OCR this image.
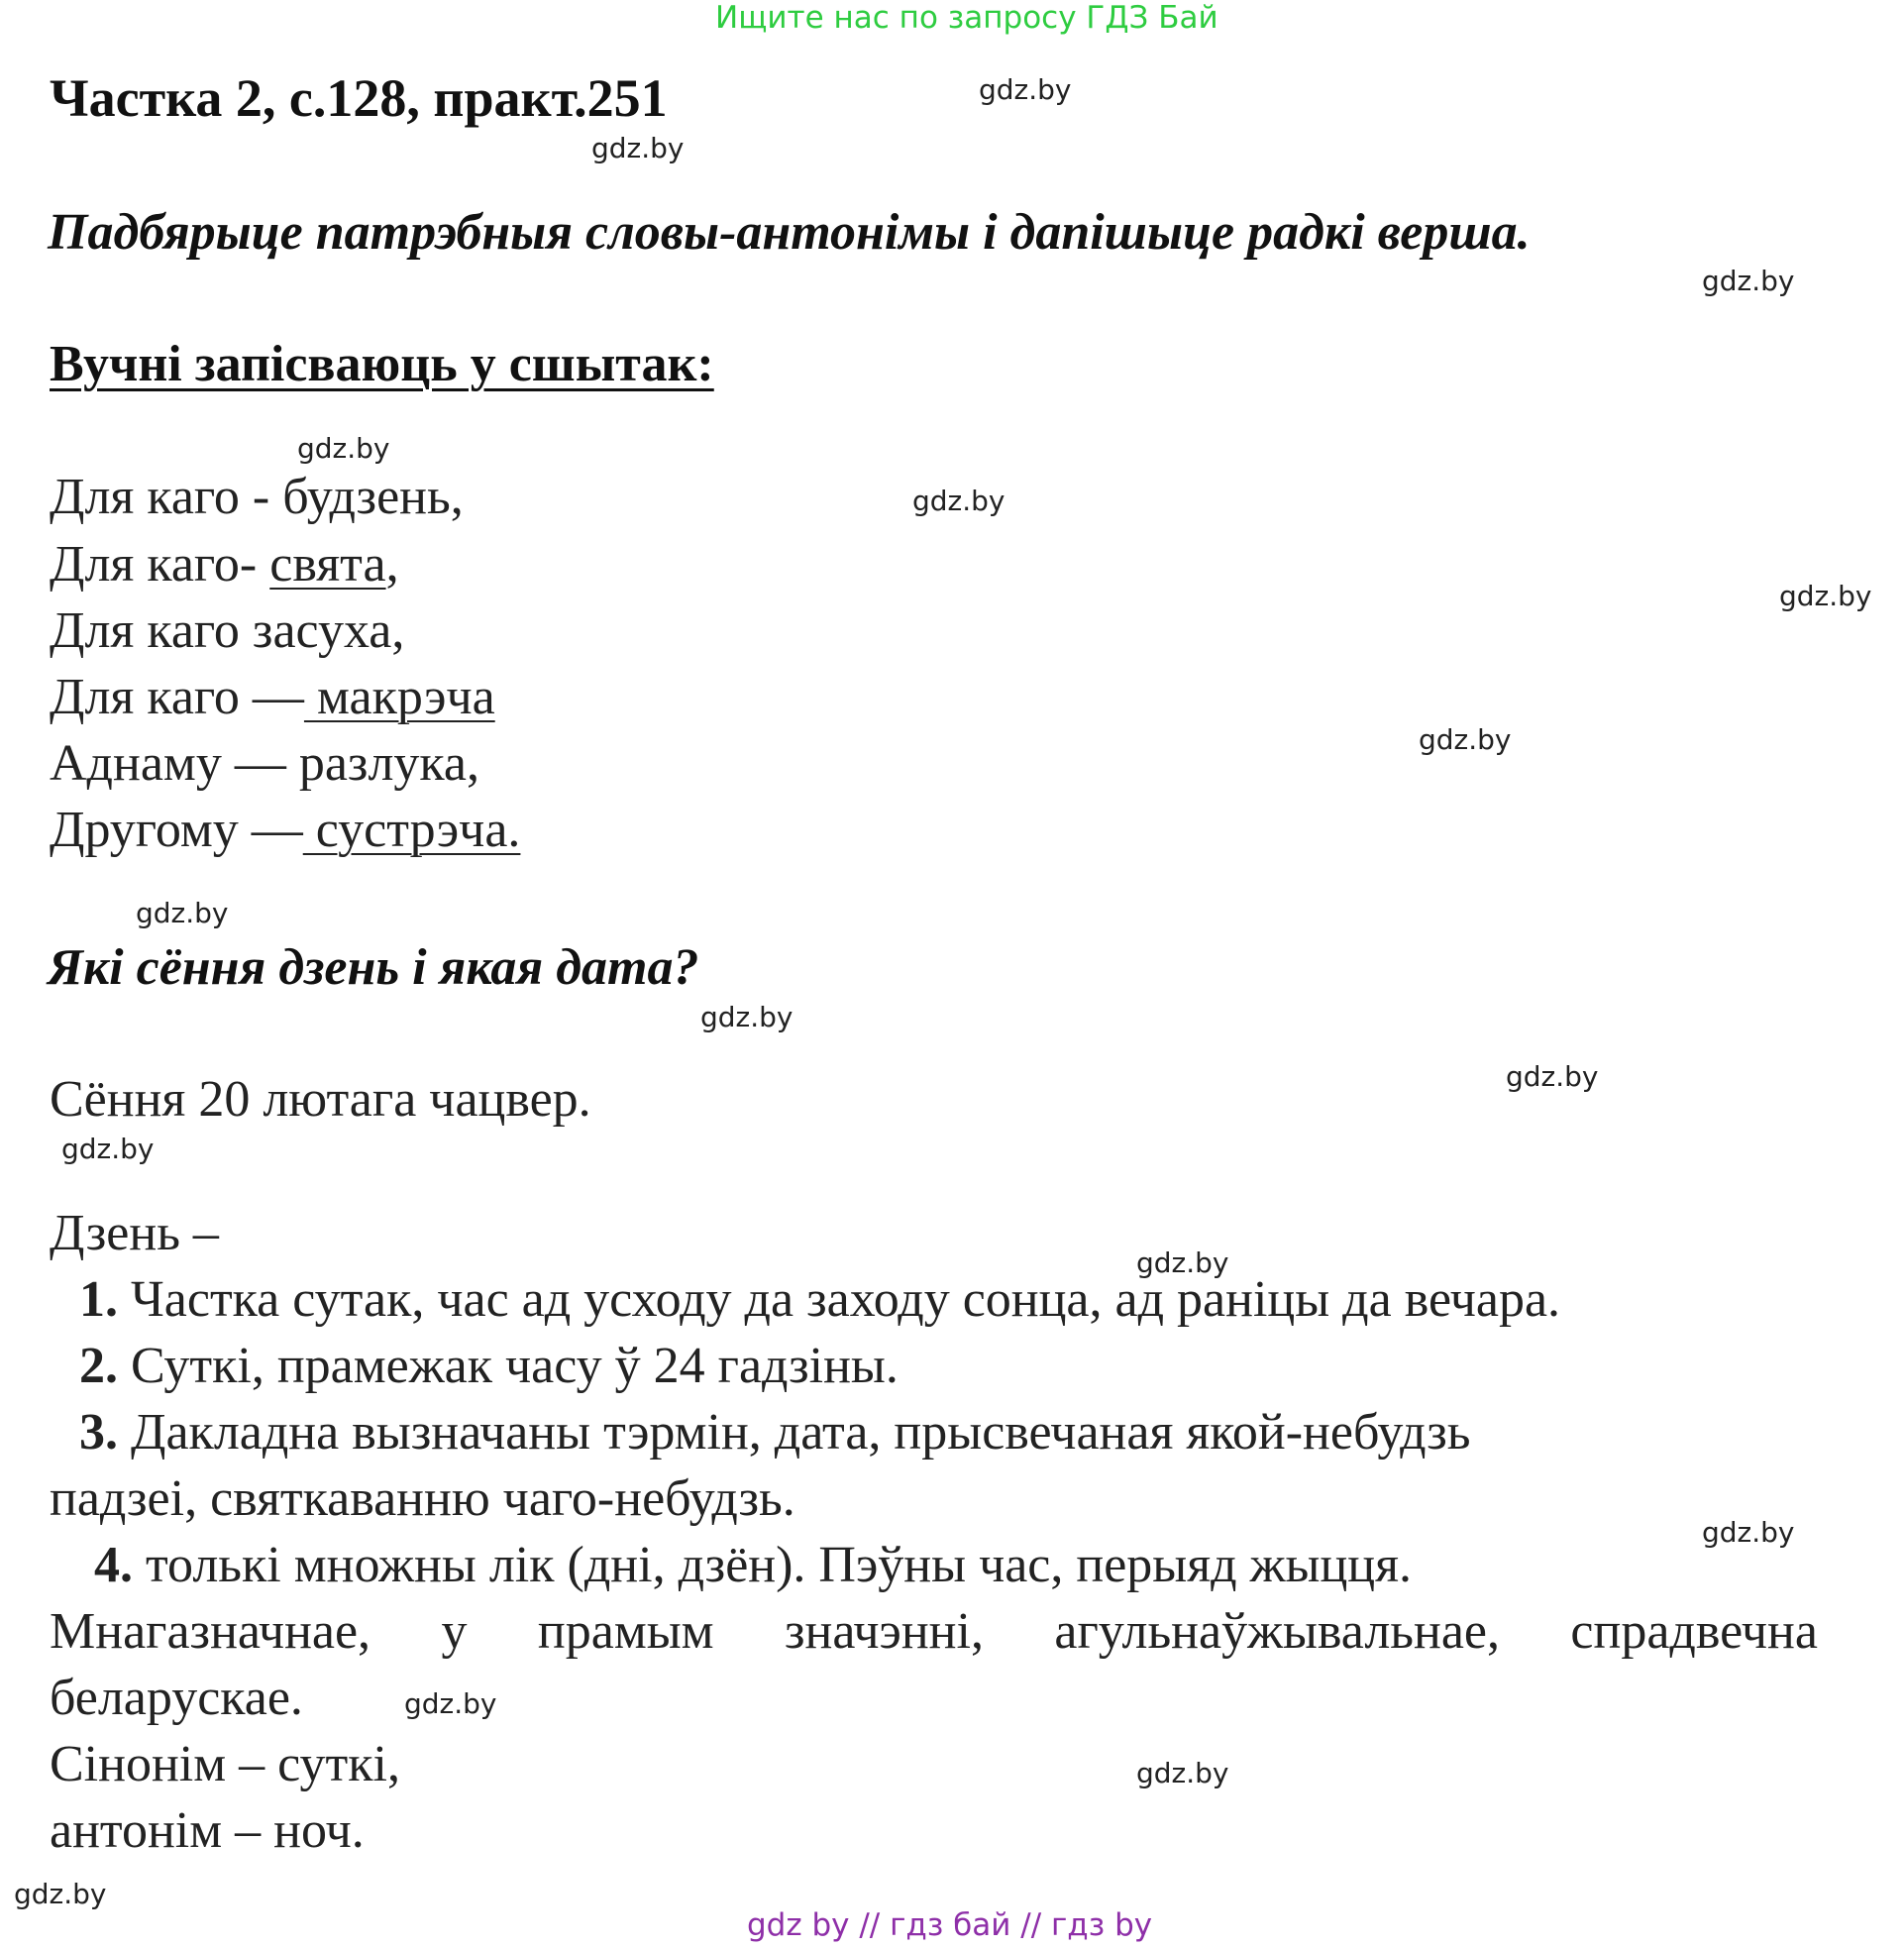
Ищите нас по запросу ГДЗ Бай
Частка 2, с.128, практ.251
Падбярыце патрэбныя словы-антонімы і дапішыце радкі верша.
Вучні запісваюць у сшытак:
Для каго - будзень,
Для каго- свята,
Для каго засуха,
Для каго — макрэча
Аднаму — разлука,
Другому — сустрэча.
Які сёння дзень і якая дата?
Сёння 20 лютага чацвер.
Дзень –
1. Частка сутак, час ад усходу да заходу сонца, ад раніцы да вечара.
2. Суткі, прамежак часу ў 24 гадзіны.
3. Дакладна вызначаны тэрмін, дата, прысвечаная якой-небудзь
падзеі, святкаванню чаго-небудзь.
4. толькі множны лік (дні, дзён). Пэўны час, перыяд жыцця.
Мнагазначнае, у прамым значэнні, агульнаўжывальнае, спрадвечна
беларускае.
Сінонім – суткі,
антонім – ноч.
gdz.by
gdz.by
gdz.by
gdz.by
gdz.by
gdz.by
gdz.by
gdz.by
gdz.by
gdz.by
gdz.by
gdz.by
gdz.by
gdz.by
gdz.by
gdz.by
gdz by // гдз бай // гдз by
